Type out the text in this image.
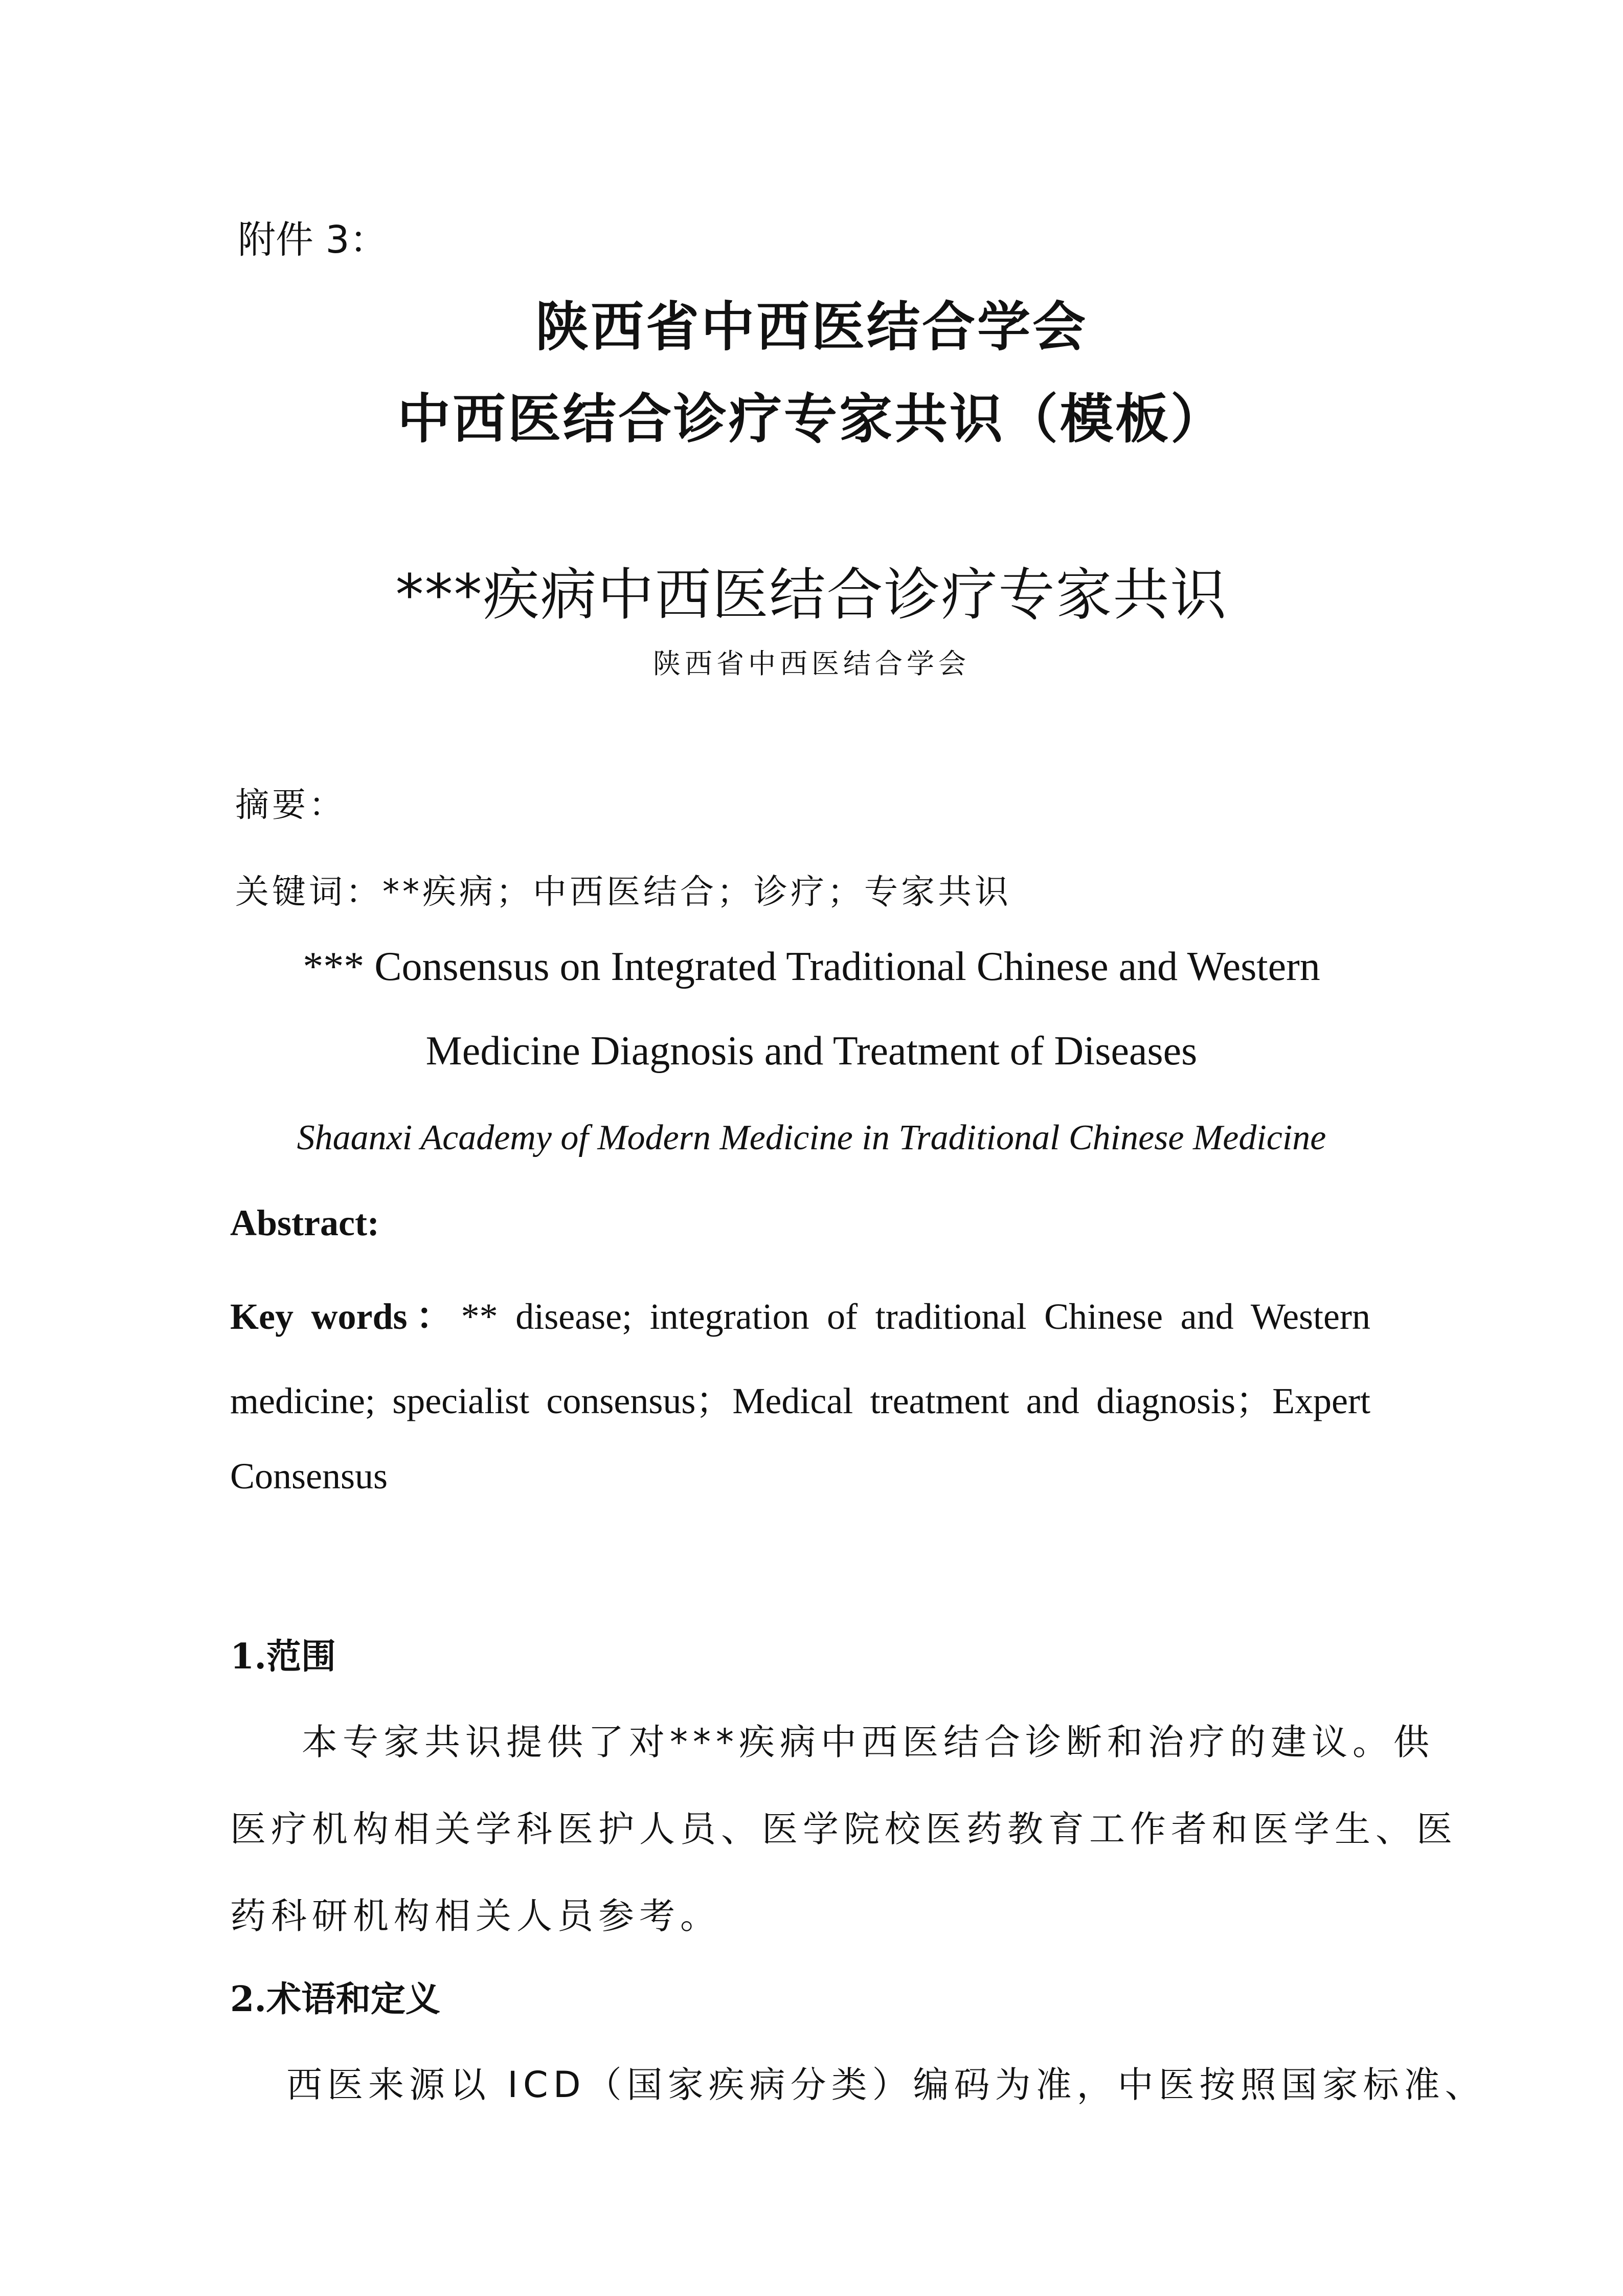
附件 3：
陕西省中西医结合学会
中西医结合诊疗专家共识（模板）
***疾病中西医结合诊疗专家共识
陕西省中西医结合学会
摘要：
关键词：**疾病；中西医结合；诊疗；专家共识
*** Consensus on Integrated Traditional Chinese and Western
Medicine Diagnosis and Treatment of Diseases
Shaanxi Academy of Modern Medicine in Traditional Chinese Medicine
Abstract:
Key words：** disease; integration of traditional Chinese and Western
medicine; specialist consensus；Medical treatment and diagnosis；Expert
Consensus
1.范围
本专家共识提供了对***疾病中西医结合诊断和治疗的建议。供
医疗机构相关学科医护人员、医学院校医药教育工作者和医学生、医
药科研机构相关人员参考。
2.术语和定义
西医来源以 ICD（国家疾病分类）编码为准，中医按照国家标准、
